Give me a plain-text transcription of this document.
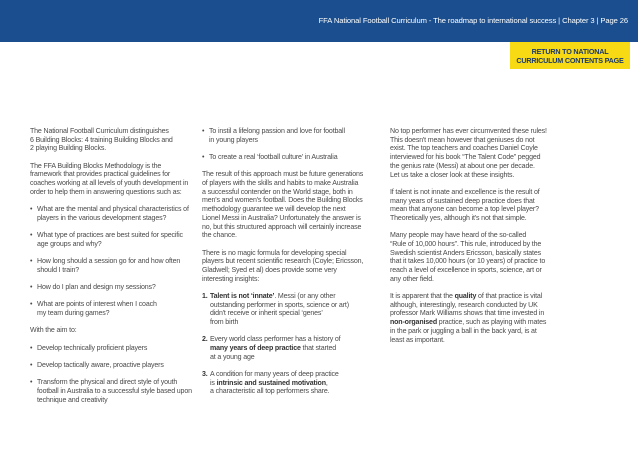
FFA National Football Curriculum - The roadmap to international success | Chapter 3 | Page 26
RETURN TO NATIONAL
CURRICULUM CONTENTS PAGE

The National Football Curriculum distinguishes
6 Building Blocks: 4 training Building Blocks and
2 playing Building Blocks.

The FFA Building Blocks Methodology is the
framework that provides practical guidelines for
coaches working at all levels of youth development in
order to help them in answering questions such as:

• What are the mental and physical characteristics of
players in the various development stages?
• What type of practices are best suited for specific
age groups and why?
• How long should a session go for and how often
should I train?
• How do I plan and design my sessions?
• What are points of interest when I coach
my team during games?

With the aim to:

• Develop technically proficient players
• Develop tactically aware, proactive players
• Transform the physical and direct style of youth
football in Australia to a successful style based upon
technique and creativity
• To instil a lifelong passion and love for football
in young players
• To create a real ‘football culture’ in Australia

The result of this approach must be future generations
of players with the skills and habits to make Australia
a successful contender on the World stage, both in
men's and women's football. Does the Building Blocks
methodology guarantee we will develop the next
Lionel Messi in Australia? Unfortunately the answer is
no, but this structured approach will certainly increase
the chance.

There is no magic formula for developing special
players but recent scientific research (Coyle; Ericsson,
Gladwell; Syed et al) does provide some very
interesting insights:

1. Talent is not ‘innate’. Messi (or any other
outstanding performer in sports, science or art)
didn't receive or inherit special ‘genes’
from birth
2. Every world class performer has a history of
many years of deep practice that started
at a young age
3. A condition for many years of deep practice
is intrinsic and sustained motivation,
a characteristic all top performers share.

No top performer has ever circumvented these rules!
This doesn't mean however that geniuses do not
exist. The top teachers and coaches Daniel Coyle
interviewed for his book “The Talent Code” pegged
the genius rate (Messi) at about one per decade.
Let us take a closer look at these insights.

If talent is not innate and excellence is the result of
many years of sustained deep practice does that
mean that anyone can become a top level player?
Theoretically yes, although it's not that simple.

Many people may have heard of the so-called
“Rule of 10,000 hours”. This rule, introduced by the
Swedish scientist Anders Ericsson, basically states
that it takes 10,000 hours (or 10 years) of practice to
reach a level of excellence in sports, science, art or
any other field.

It is apparent that the quality of that practice is vital
although, interestingly, research conducted by UK
professor Mark Williams shows that time invested in
non-organised practice, such as playing with mates
in the park or juggling a ball in the back yard, is at
least as important.
